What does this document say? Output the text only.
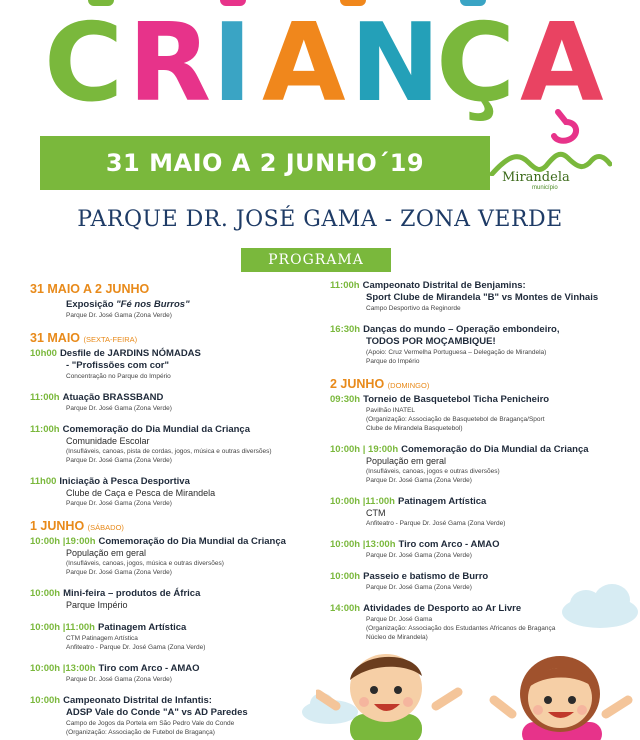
C R I A N
Ç A
31 MAIO A 2 JUNHO´19
Mirandela
município
PARQUE DR. JOSÉ GAMA - ZONA VERDE
PROGRAMA
31 MAIO A 2 JUNHO
Exposição "Fé nos Burros"
Parque Dr. José Gama (Zona Verde)
31 MAIO (SEXTA-FEIRA)
10h00 Desfile de JARDINS NÓMADAS
- "Profissões com cor"
Concentração no Parque do Império
11:00h Atuação BRASSBAND
Parque Dr. José Gama (Zona Verde)
11:00h Comemoração do Dia Mundial da Criança
Comunidade Escolar
(Insufláveis, canoas, pista de cordas, jogos, música e outras diversões)
Parque Dr. José Gama (Zona Verde)
11h00 Iniciação à Pesca Desportiva
Clube de Caça e Pesca de Mirandela
Parque Dr. José Gama (Zona Verde)
1 JUNHO (SÁBADO)
10:00h |19:00h Comemoração do Dia Mundial da Criança
População em geral
(Insufláveis, canoas, jogos, música e outras diversões)
Parque Dr. José Gama (Zona Verde)
10:00h Mini-feira – produtos de África
Parque Império
10:00h |11:00h Patinagem Artística
CTM Patinagem Artística
Anfiteatro - Parque Dr. José Gama (Zona Verde)
10:00h |13:00h Tiro com Arco - AMAO
Parque Dr. José Gama (Zona Verde)
10:00h Campeonato Distrital de Infantis:
ADSP Vale do Conde "A" vs AD Paredes
Campo de Jogos da Portela em São Pedro Vale do Conde
(Organização: Associação de Futebol de Bragança)
11:00h Campeonato Distrital de Benjamins:
Sport Clube de Mirandela "B" vs Montes de Vinhais
Campo Desportivo da Reginorde
16:30h Danças do mundo – Operação embondeiro,
TODOS POR MOÇAMBIQUE!
(Apoio: Cruz Vermelha Portuguesa – Delegação de Mirandela)
Parque do Império
2 JUNHO (DOMINGO)
09:30h Torneio de Basquetebol Ticha Penicheiro
Pavilhão INATEL
(Organização: Associação de Basquetebol de Bragança/Sport
Clube de Mirandela Basquetebol)
10:00h | 19:00h Comemoração do Dia Mundial da Criança
População em geral
(Insufláveis, canoas, jogos e outras diversões)
Parque Dr. José Gama (Zona Verde)
10:00h |11:00h Patinagem Artística
CTM
Anfiteatro - Parque Dr. José Gama (Zona Verde)
10:00h |13:00h Tiro com Arco - AMAO
Parque Dr. José Gama (Zona Verde)
10:00h Passeio e batismo de Burro
Parque Dr. José Gama (Zona Verde)
14:00h Atividades de Desporto ao Ar Livre
Parque Dr. José Gama
(Organização: Associação dos Estudantes Africanos de Bragança
Núcleo de Mirandela)
